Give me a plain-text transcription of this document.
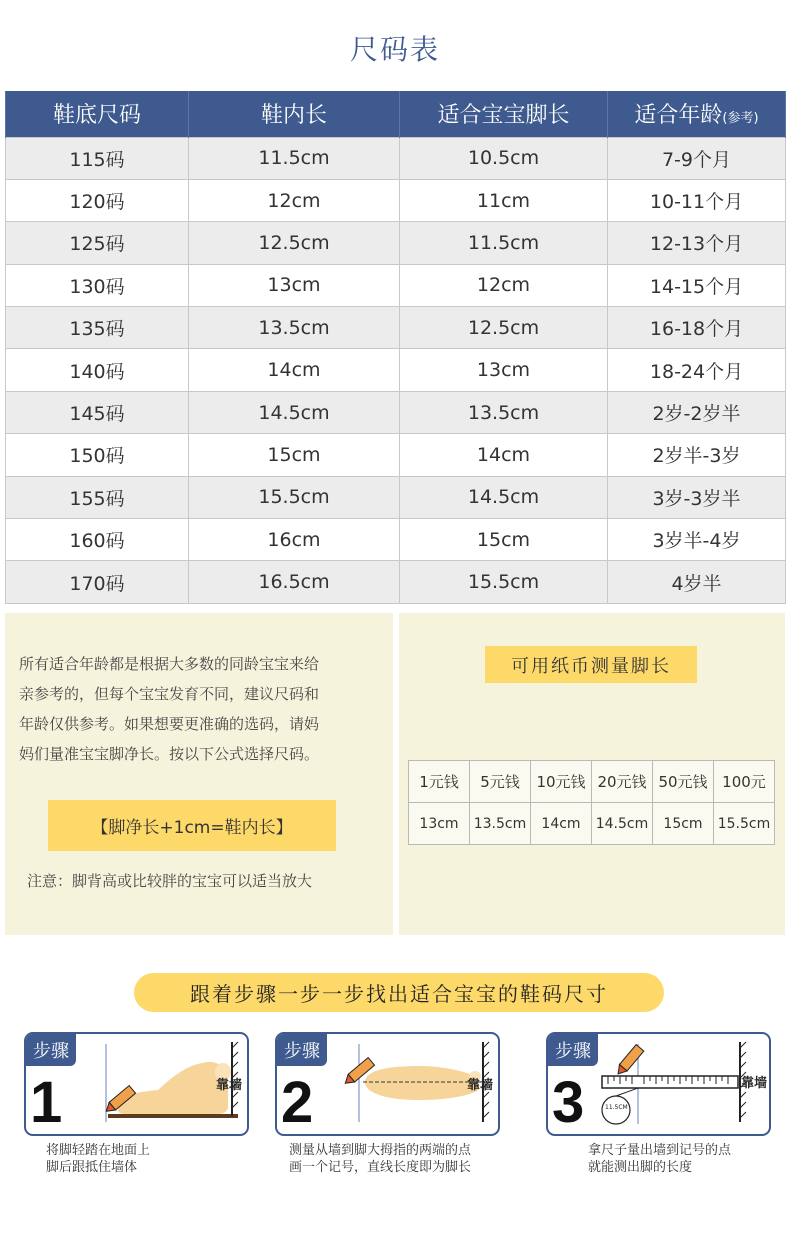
尺码表
鞋底尺码	鞋内长	适合宝宝脚长	适合年龄(参考)
115码	11.5cm	10.5cm	7-9个月
120码	12cm	11cm	10-11个月
125码	12.5cm	11.5cm	12-13个月
130码	13cm	12cm	14-15个月
135码	13.5cm	12.5cm	16-18个月
140码	14cm	13cm	18-24个月
145码	14.5cm	13.5cm	2岁-2岁半
150码	15cm	14cm	2岁半-3岁
155码	15.5cm	14.5cm	3岁-3岁半
160码	16cm	15cm	3岁半-4岁
170码	16.5cm	15.5cm	4岁半
所有适合年龄都是根据大多数的同龄宝宝来给
亲参考的，但每个宝宝发育不同，建议尺码和
年龄仅供参考。如果想要更准确的选码，请妈
妈们量准宝宝脚净长。按以下公式选择尺码。
【脚净长+1cm=鞋内长】
注意：脚背高或比较胖的宝宝可以适当放大
可用纸币测量脚长
1元钱	5元钱	10元钱	20元钱	50元钱	100元
13cm	13.5cm	14cm	14.5cm	15cm	15.5cm
跟着步骤一步一步找出适合宝宝的鞋码尺寸
步骤
1	靠墙
将脚轻踏在地面上
脚后跟抵住墙体
步骤
2	靠墙
测量从墙到脚大拇指的两端的点
画一个记号，直线长度即为脚长
步骤
3	11.5CM
靠墙
拿尺子量出墙到记号的点
就能测出脚的长度
